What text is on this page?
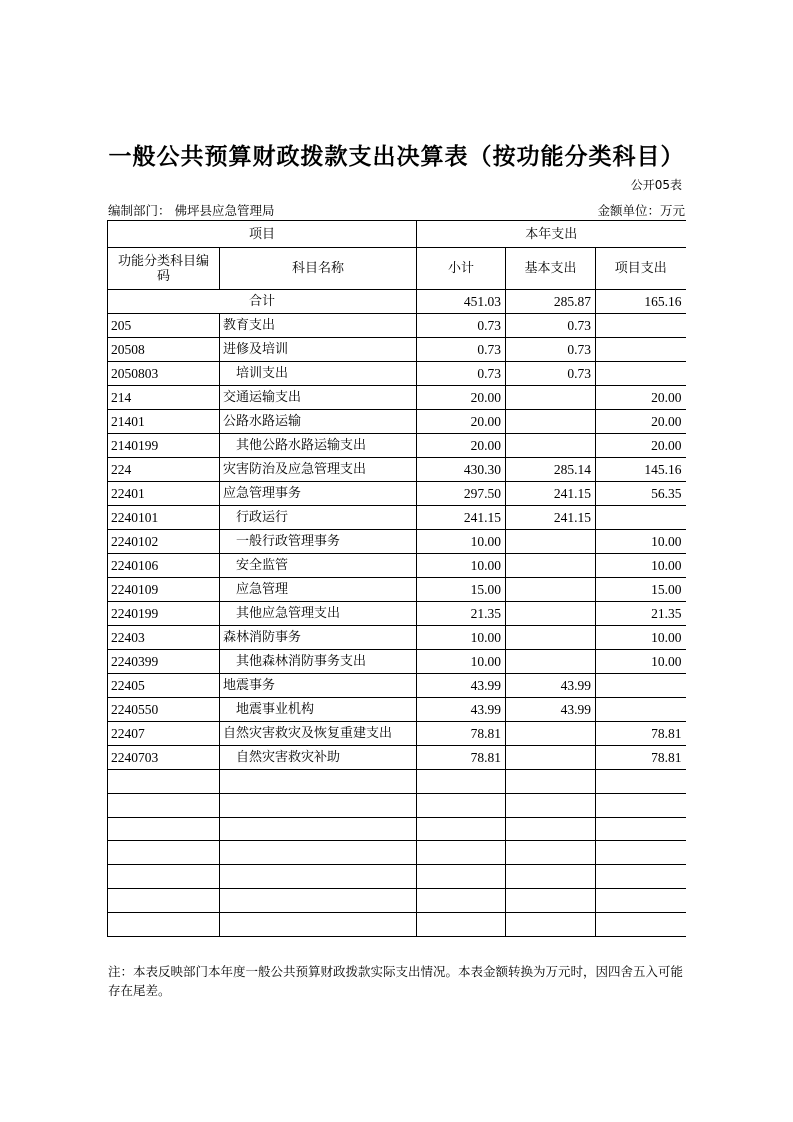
一般公共预算财政拨款支出决算表（按功能分类科目）
公开05表
编制部门： 佛坪县应急管理局	金额单位：万元
项目		本年支出		
功能分类科目编码	科目名称	小计	基本支出	项目支出
合计		451.03	285.87	165.16
205	教育支出	0.73	0.73	
20508	进修及培训	0.73	0.73	
2050803	培训支出	0.73	0.73	
214	交通运输支出	20.00		20.00
21401	公路水路运输	20.00		20.00
2140199	其他公路水路运输支出	20.00		20.00
224	灾害防治及应急管理支出	430.30	285.14	145.16
22401	应急管理事务	297.50	241.15	56.35
2240101	行政运行	241.15	241.15	
2240102	一般行政管理事务	10.00		10.00
2240106	安全监管	10.00		10.00
2240109	应急管理	15.00		15.00
2240199	其他应急管理支出	21.35		21.35
22403	森林消防事务	10.00		10.00
2240399	其他森林消防事务支出	10.00		10.00
22405	地震事务	43.99	43.99	
2240550	地震事业机构	43.99	43.99	
22407	自然灾害救灾及恢复重建支出	78.81		78.81
2240703	自然灾害救灾补助	78.81		78.81

注：本表反映部门本年度一般公共预算财政拨款实际支出情况。本表金额转换为万元时，因四舍五入可能存在尾差。
